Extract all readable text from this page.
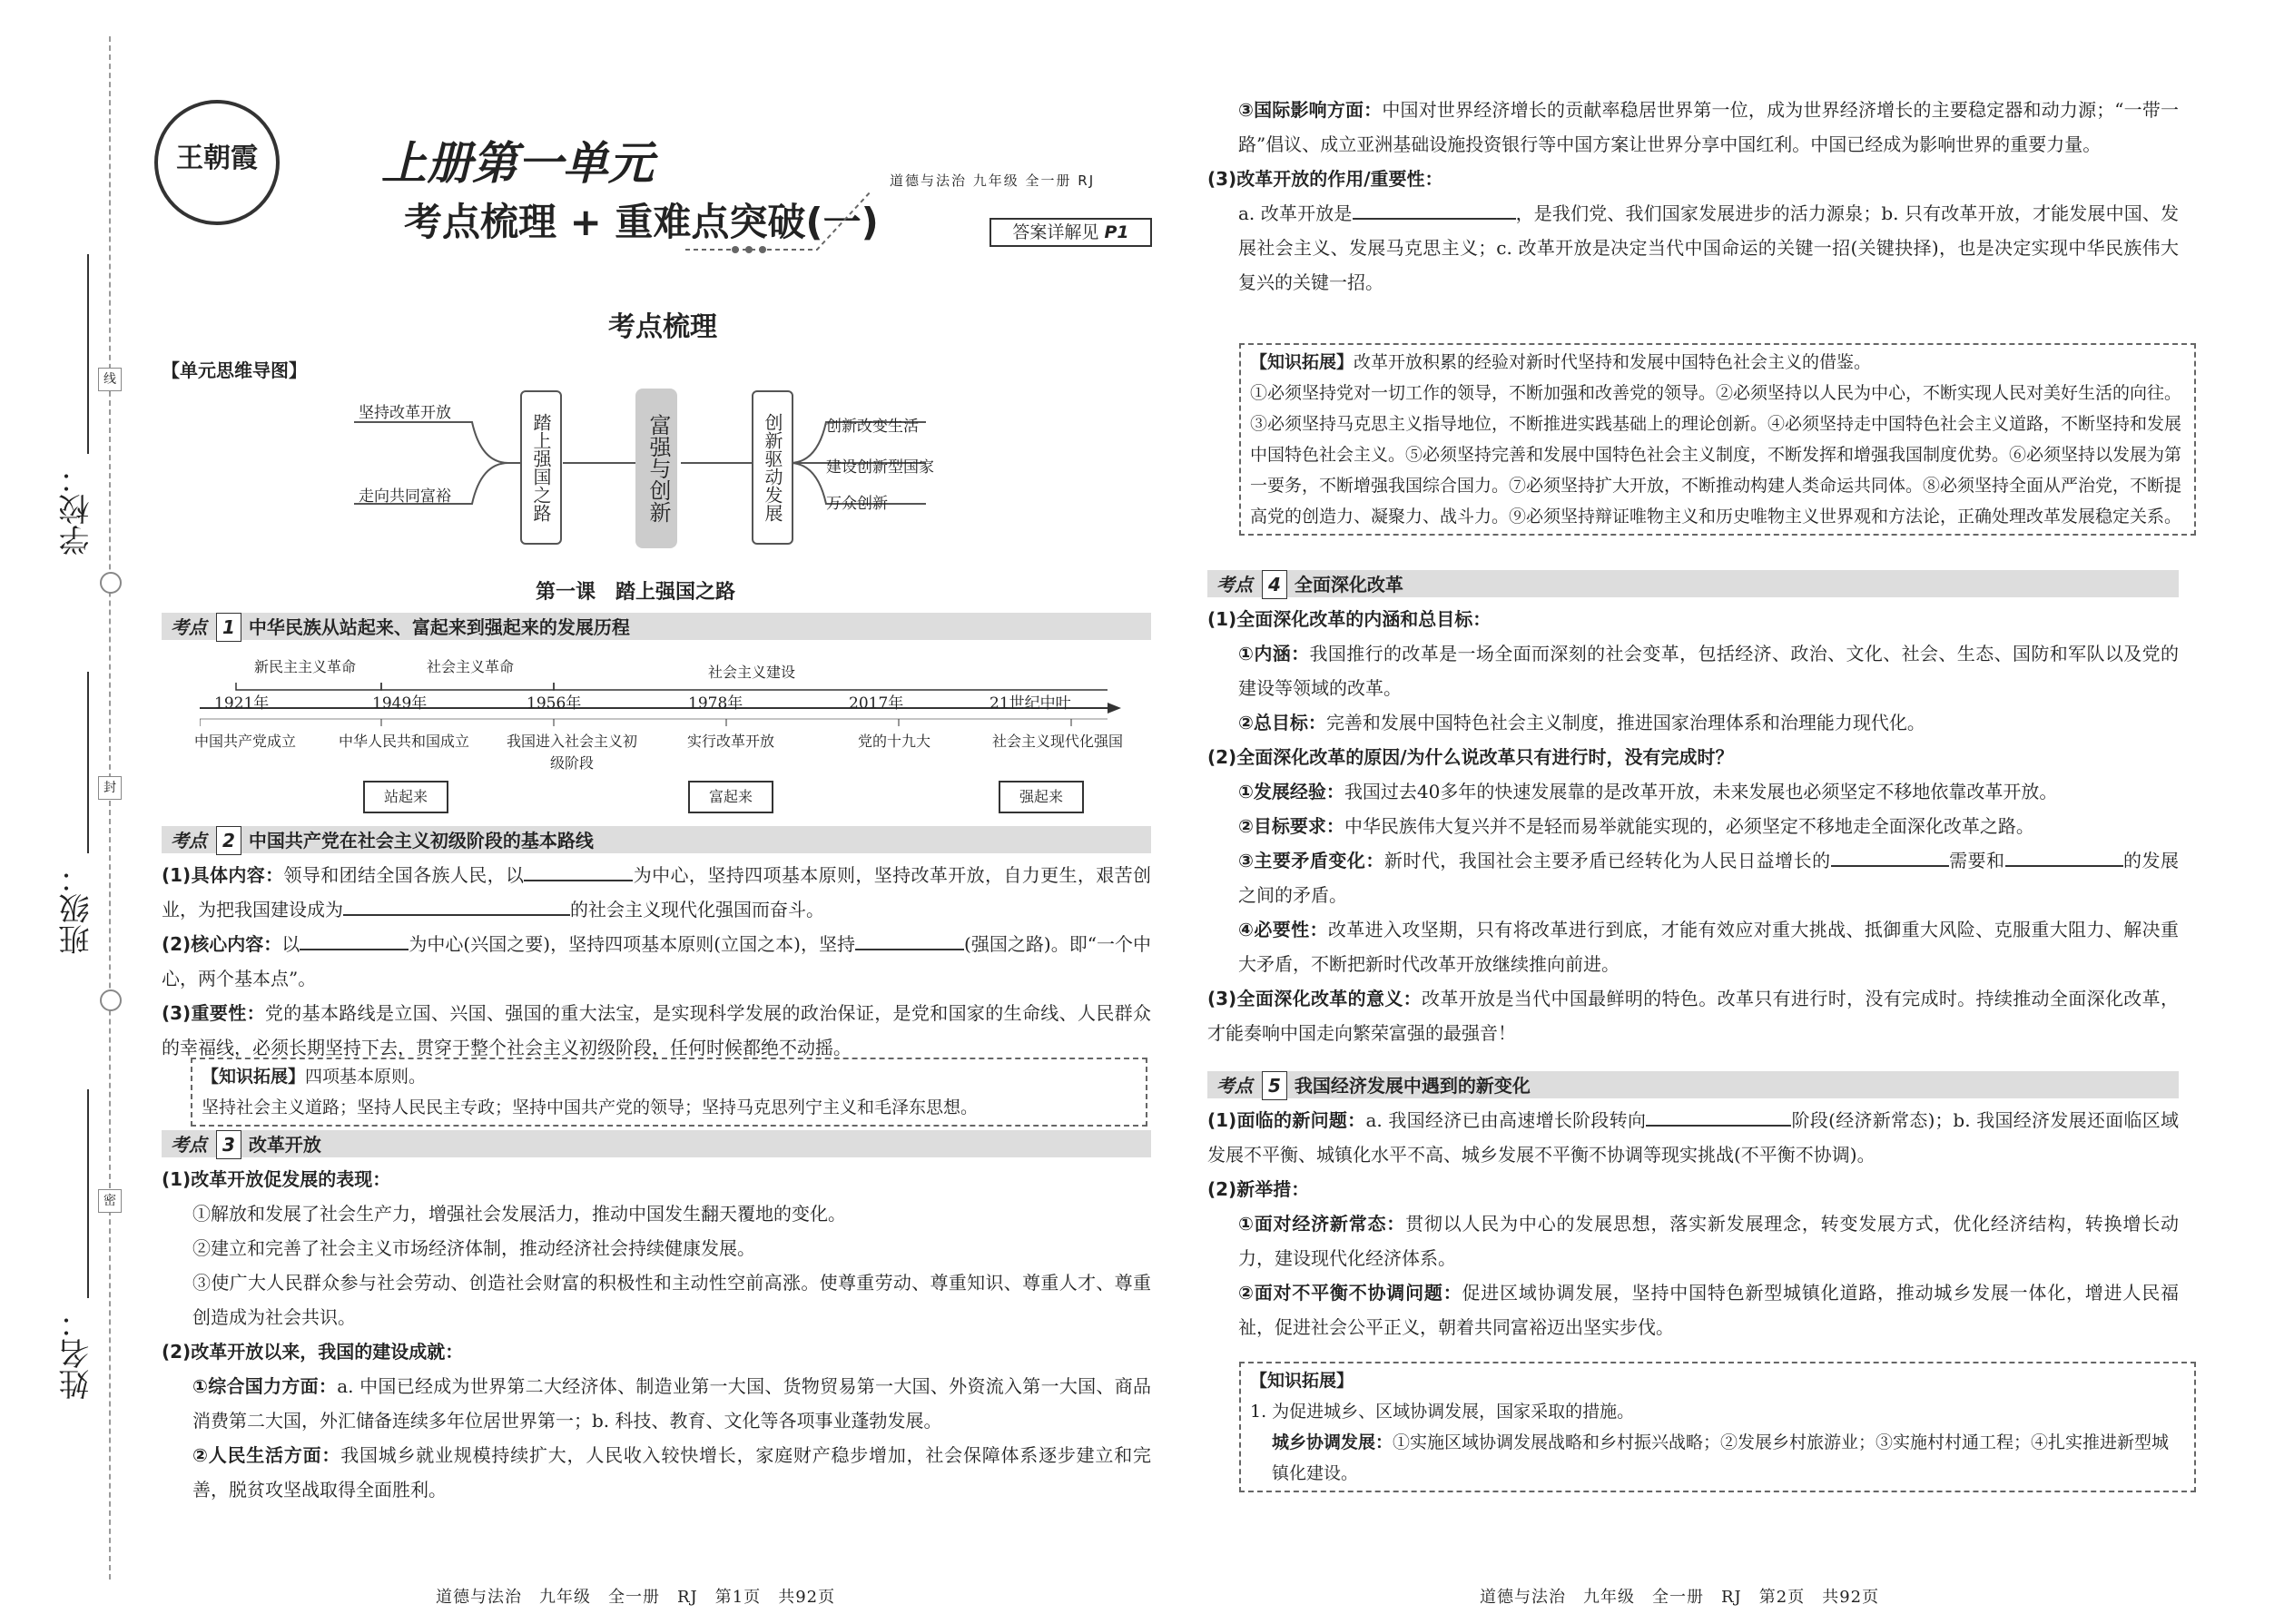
学校：
班级：
姓名：
线
封
密
王朝霞	上册第一单元
考点梳理 + 重难点突破(一)
道德与法治 九年级 全一册 RJ
答案详解见 P1
考点梳理
【单元思维导图】
坚持改革开放
走向共同富裕	踏上强国之路	富强与创新	创新驱动发展	创新改变生活
建设创新型国家
万众创新
第一课　踏上强国之路
考点 1 中华民族从站起来、富起来到强起来的发展历程
新民主主义革命	社会主义革命	社会主义建设
1921年	1949年	1956年	1978年	2017年	21世纪中叶
中国共产党成立	中华人民共和国成立	我国进入社会主义初级阶段
实行改革开放	党的十九大	社会主义现代化强国
站起来	富起来	强起来
考点 2 中国共产党在社会主义初级阶段的基本路线
(1)具体内容：领导和团结全国各族人民，以	为中心，坚持四项基本原则，坚持改革开放，自力更生，艰苦创业，为把我国建设成为	的社会主义现代化强国而奋斗。
(2)核心内容：以	为中心(兴国之要)，坚持四项基本原则(立国之本)，坚持	(强国之路)。即“一个中心，两个基本点”。
(3)重要性：党的基本路线是立国、兴国、强国的重大法宝，是实现科学发展的政治保证，是党和国家的生命线、人民群众的幸福线，必须长期坚持下去，贯穿于整个社会主义初级阶段，任何时候都绝不动摇。
【知识拓展】四项基本原则。
坚持社会主义道路；坚持人民民主专政；坚持中国共产党的领导；坚持马克思列宁主义和毛泽东思想。
考点 3 改革开放
(1)改革开放促发展的表现：
①解放和发展了社会生产力，增强社会发展活力，推动中国发生翻天覆地的变化。
②建立和完善了社会主义市场经济体制，推动经济社会持续健康发展。
③使广大人民群众参与社会劳动、创造社会财富的积极性和主动性空前高涨。使尊重劳动、尊重知识、尊重人才、尊重创造成为社会共识。
(2)改革开放以来，我国的建设成就：
①综合国力方面：a. 中国已经成为世界第二大经济体、制造业第一大国、货物贸易第一大国、外资流入第一大国、商品消费第二大国，外汇储备连续多年位居世界第一；b. 科技、教育、文化等各项事业蓬勃发展。
②人民生活方面：我国城乡就业规模持续扩大，人民收入较快增长，家庭财产稳步增加，社会保障体系逐步建立和完善，脱贫攻坚战取得全面胜利。
③国际影响方面：中国对世界经济增长的贡献率稳居世界第一位，成为世界经济增长的主要稳定器和动力源；“一带一路”倡议、成立亚洲基础设施投资银行等中国方案让世界分享中国红利。中国已经成为影响世界的重要力量。
(3)改革开放的作用/重要性：
a. 改革开放是	，是我们党、我们国家发展进步的活力源泉；b. 只有改革开放，才能发展中国、发展社会主义、发展马克思主义；c. 改革开放是决定当代中国命运的关键一招(关键抉择)，也是决定实现中华民族伟大复兴的关键一招。
【知识拓展】改革开放积累的经验对新时代坚持和发展中国特色社会主义的借鉴。
①必须坚持党对一切工作的领导，不断加强和改善党的领导。②必须坚持以人民为中心，不断实现人民对美好生活的向往。③必须坚持马克思主义指导地位，不断推进实践基础上的理论创新。④必须坚持走中国特色社会主义道路，不断坚持和发展中国特色社会主义。⑤必须坚持完善和发展中国特色社会主义制度，不断发挥和增强我国制度优势。⑥必须坚持以发展为第一要务，不断增强我国综合国力。⑦必须坚持扩大开放，不断推动构建人类命运共同体。⑧必须坚持全面从严治党，不断提高党的创造力、凝聚力、战斗力。⑨必须坚持辩证唯物主义和历史唯物主义世界观和方法论，正确处理改革发展稳定关系。
考点 4 全面深化改革
(1)全面深化改革的内涵和总目标：
①内涵：我国推行的改革是一场全面而深刻的社会变革，包括经济、政治、文化、社会、生态、国防和军队以及党的建设等领域的改革。
②总目标：完善和发展中国特色社会主义制度，推进国家治理体系和治理能力现代化。
(2)全面深化改革的原因/为什么说改革只有进行时，没有完成时？
①发展经验：我国过去40多年的快速发展靠的是改革开放，未来发展也必须坚定不移地依靠改革开放。
②目标要求：中华民族伟大复兴并不是轻而易举就能实现的，必须坚定不移地走全面深化改革之路。
③主要矛盾变化：新时代，我国社会主要矛盾已经转化为人民日益增长的	需要和	的发展之间的矛盾。
④必要性：改革进入攻坚期，只有将改革进行到底，才能有效应对重大挑战、抵御重大风险、克服重大阻力、解决重大矛盾，不断把新时代改革开放继续推向前进。
(3)全面深化改革的意义：改革开放是当代中国最鲜明的特色。改革只有进行时，没有完成时。持续推动全面深化改革，才能奏响中国走向繁荣富强的最强音！
考点 5 我国经济发展中遇到的新变化
(1)面临的新问题：a. 我国经济已由高速增长阶段转向	阶段(经济新常态)；b. 我国经济发展还面临区域发展不平衡、城镇化水平不高、城乡发展不平衡不协调等现实挑战(不平衡不协调)。
(2)新举措：
①面对经济新常态：贯彻以人民为中心的发展思想，落实新发展理念，转变发展方式，优化经济结构，转换增长动力，建设现代化经济体系。
②面对不平衡不协调问题：促进区域协调发展，坚持中国特色新型城镇化道路，推动城乡发展一体化，增进人民福祉，促进社会公平正义，朝着共同富裕迈出坚实步伐。
【知识拓展】
1. 为促进城乡、区域协调发展，国家采取的措施。
城乡协调发展：①实施区域协调发展战略和乡村振兴战略；②发展乡村旅游业；③实施村村通工程；④扎实推进新型城镇化建设。
道德与法治　九年级　全一册　RJ　第1页　共92页	道德与法治　九年级　全一册　RJ　第2页　共92页
